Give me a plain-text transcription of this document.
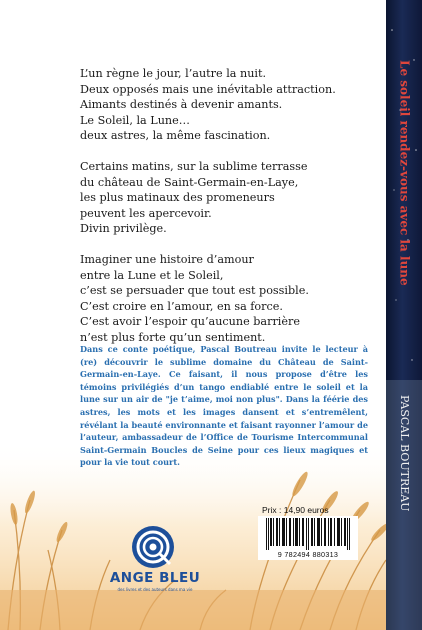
L’un règne le jour, l’autre la nuit.
Deux opposés mais une inévitable attraction.
Aimants destinés à devenir amants.
Le Soleil, la Lune…
deux astres, la même fascination.
Certains matins, sur la sublime terrasse
du château de Saint-Germain-en-Laye,
les plus matinaux des promeneurs
peuvent les apercevoir.
Divin privilège.
Imaginer une histoire d’amour
entre la Lune et le Soleil,
c’est se persuader que tout est possible.
C’est croire en l’amour, en sa force.
C’est avoir l’espoir qu’aucune barrière
n’est plus forte qu’un sentiment.
Dans ce conte poétique, Pascal Boutreau invite le lecteur à (re) découvrir le sublime domaine du Château de Saint-Germain-en-Laye. Ce faisant, il nous propose d’être les témoins privilégiés d’un tango endiablé entre le soleil et la lune sur un air de "je t’aime, moi non plus". Dans la féérie des astres, les mots et les images dansent et s’entremêlent, révélant la beauté environnante et faisant rayonner l’amour de l’auteur, ambassadeur de l’Office de Tourisme Intercommunal Saint-Germain Boucles de Seine pour ces lieux magiques et pour la vie tout court.
ANGE BLEU
des livres et des auteurs dans ma vie
Prix : 14,90 euros
9 782494 880313
Le soleil rendez-vous avec la lune
PASCAL BOUTREAU
